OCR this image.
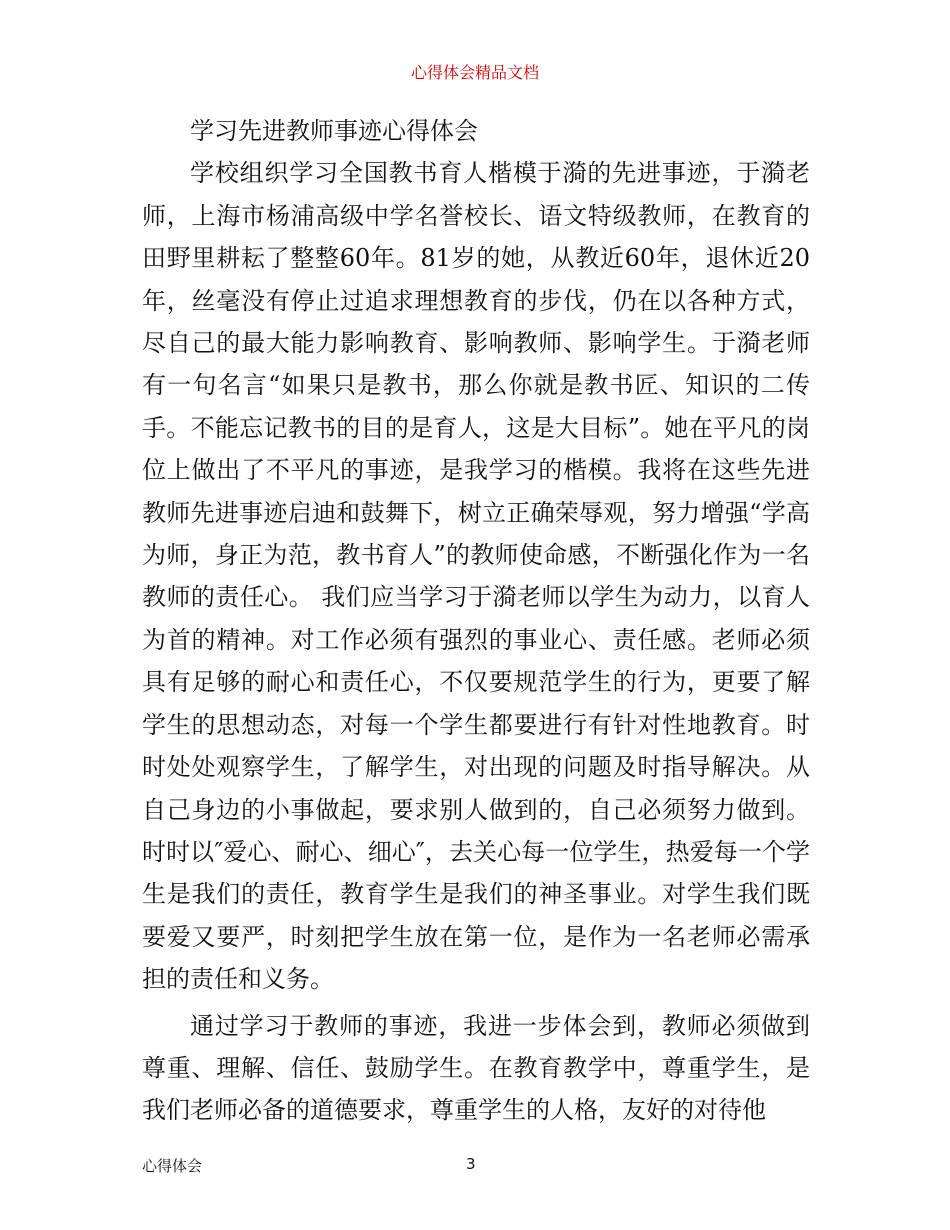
心得体会精品文档

学习先进教师事迹心得体会

学校组织学习全国教书育人楷模于漪的先进事迹，于漪老师，上海市杨浦高级中学名誉校长、语文特级教师，在教育的田野里耕耘了整整60年。81岁的她，从教近60年，退休近20年，丝毫没有停止过追求理想教育的步伐，仍在以各种方式，尽自己的最大能力影响教育、影响教师、影响学生。于漪老师有一句名言“如果只是教书，那么你就是教书匠、知识的二传手。不能忘记教书的目的是育人，这是大目标”。她在平凡的岗位上做出了不平凡的事迹，是我学习的楷模。我将在这些先进教师先进事迹启迪和鼓舞下，树立正确荣辱观，努力增强“学高为师，身正为范，教书育人”的教师使命感，不断强化作为一名教师的责任心。 我们应当学习于漪老师以学生为动力，以育人为首的精神。对工作必须有强烈的事业心、责任感。老师必须具有足够的耐心和责任心，不仅要规范学生的行为，更要了解学生的思想动态，对每一个学生都要进行有针对性地教育。时时处处观察学生，了解学生，对出现的问题及时指导解决。从自己身边的小事做起，要求别人做到的，自己必须努力做到。时时以″爱心、耐心、细心″，去关心每一位学生，热爱每一个学生是我们的责任，教育学生是我们的神圣事业。对学生我们既要爱又要严，时刻把学生放在第一位，是作为一名老师必需承担的责任和义务。

通过学习于教师的事迹，我进一步体会到，教师必须做到尊重、理解、信任、鼓励学生。在教育教学中，尊重学生，是我们老师必备的道德要求，尊重学生的人格，友好的对待他

心得体会	3
